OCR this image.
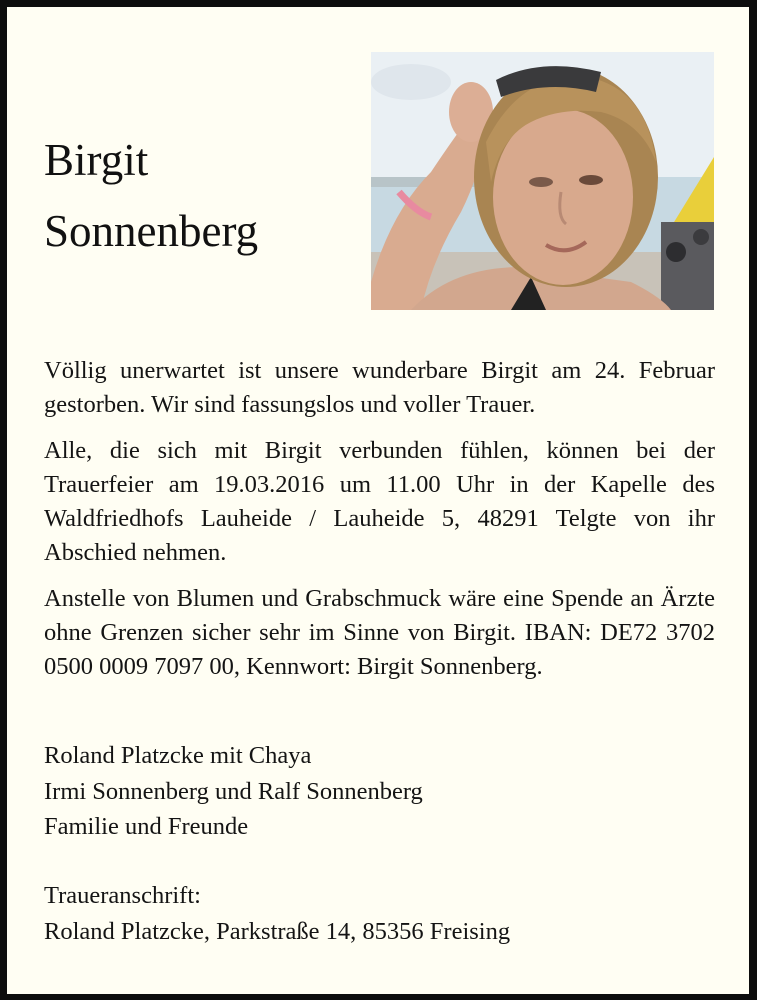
Birgit
Sonnenberg

Völlig unerwartet ist unsere wunderbare Birgit am 24. Februar gestorben. Wir sind fassungslos und voller Trauer.

Alle, die sich mit Birgit verbunden fühlen, können bei der Trauerfeier am 19.03.2016 um 11.00 Uhr in der Kapelle des Waldfriedhofs Lauheide / Lauheide 5, 48291 Telgte von ihr Abschied nehmen.

Anstelle von Blumen und Grabschmuck wäre eine Spende an Ärzte ohne Grenzen sicher sehr im Sinne von Birgit. IBAN: DE72 3702 0500 0009 7097 00, Kennwort: Birgit Sonnenberg.

Roland Platzcke mit Chaya
Irmi Sonnenberg und Ralf Sonnenberg
Familie und Freunde
Traueranschrift:
Roland Platzcke, Parkstraße 14, 85356 Freising
